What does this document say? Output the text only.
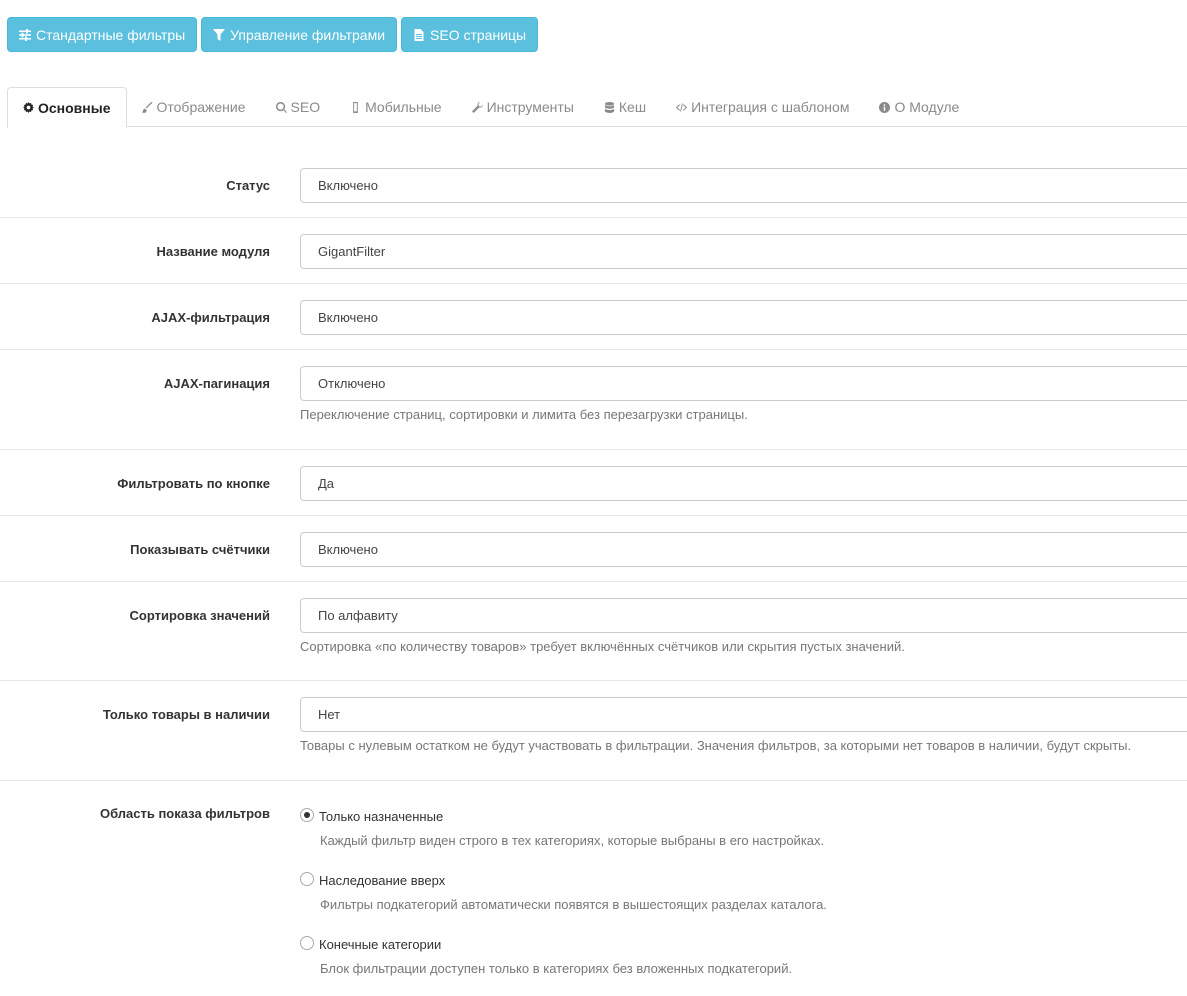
Стандартные фильтры	Управление фильтрами	SEO страницы
Основные	Отображение	SEO	Мобильные	Инструменты	Кеш	Интеграция с шаблоном	О Модуле
Статус	Включено
Название модуля	GigantFilter
AJAX-фильтрация	Включено
AJAX-пагинация	Отключено
Переключение страниц, сортировки и лимита без перезагрузки страницы.
Фильтровать по кнопке	Да
Показывать счётчики	Включено
Сортировка значений	По алфавиту
Сортировка «по количеству товаров» требует включённых счётчиков или скрытия пустых значений.
Только товары в наличии	Нет
Товары с нулевым остатком не будут участвовать в фильтрации. Значения фильтров, за которыми нет товаров в наличии, будут скрыты.
Область показа фильтров	Только назначенные
Каждый фильтр виден строго в тех категориях, которые выбраны в его настройках.
Наследование вверх
Фильтры подкатегорий автоматически появятся в вышестоящих разделах каталога.
Конечные категории
Блок фильтрации доступен только в категориях без вложенных подкатегорий.
